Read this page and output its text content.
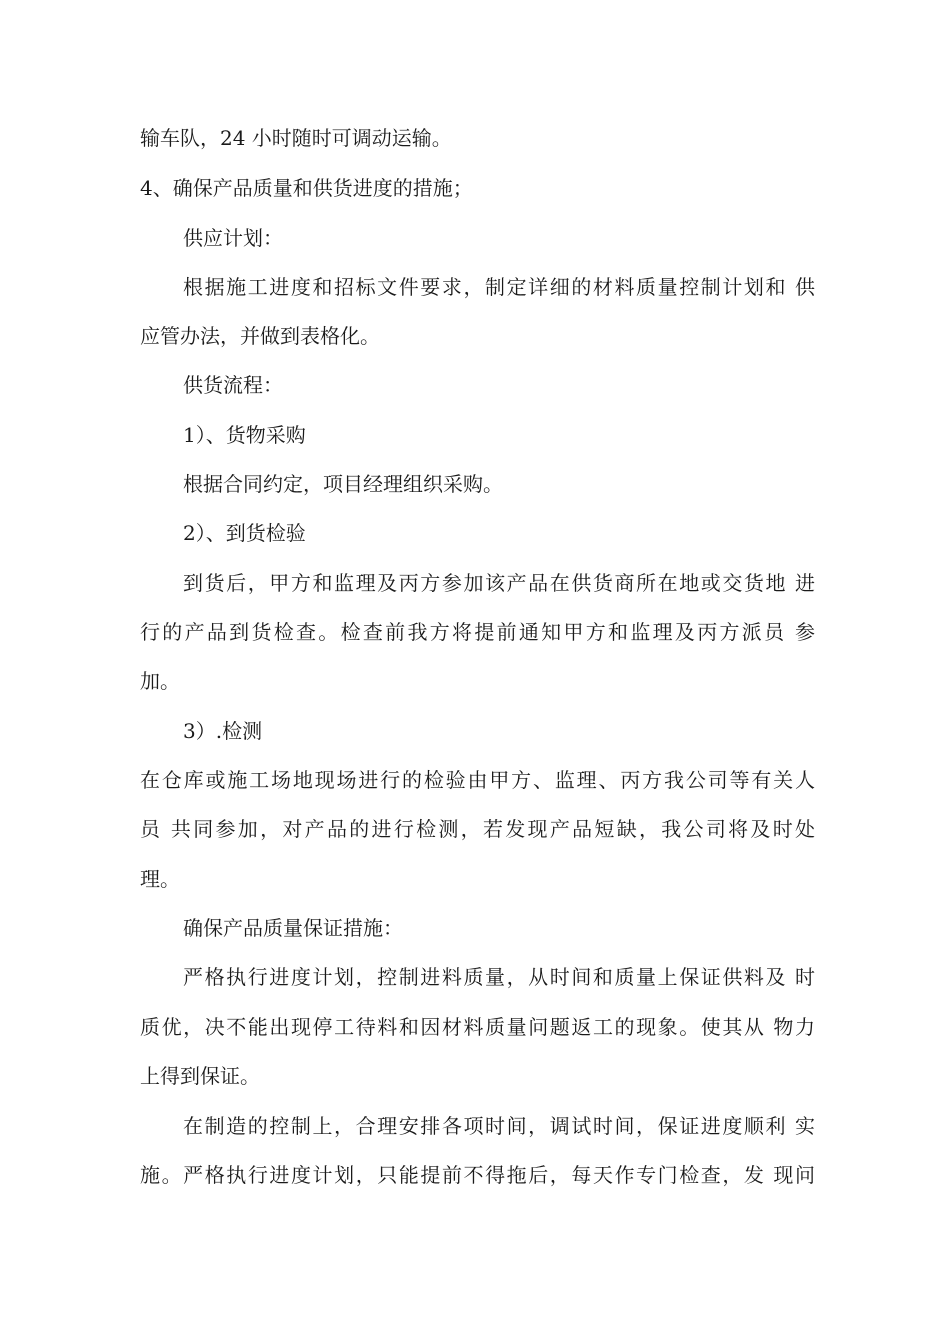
输车队，24 小时随时可调动运输。
4、确保产品质量和供货进度的措施；
供应计划：
根据施工进度和招标文件要求，制定详细的材料质量控制计划和 供
应管办法，并做到表格化。
供货流程：
1）、货物采购
根据合同约定，项目经理组织采购。
2）、到货检验
到货后，甲方和监理及丙方参加该产品在供货商所在地或交货地 进
行的产品到货检查。检查前我方将提前通知甲方和监理及丙方派员 参
加。
3）.检测
在仓库或施工场地现场进行的检验由甲方、监理、丙方我公司等有关人
员 共同参加，对产品的进行检测，若发现产品短缺，我公司将及时处
理。
确保产品质量保证措施：
严格执行进度计划，控制进料质量，从时间和质量上保证供料及 时
质优，决不能出现停工待料和因材料质量问题返工的现象。使其从 物力
上得到保证。
在制造的控制上，合理安排各项时间，调试时间，保证进度顺利 实
施。严格执行进度计划，只能提前不得拖后，每天作专门检查，发 现问
